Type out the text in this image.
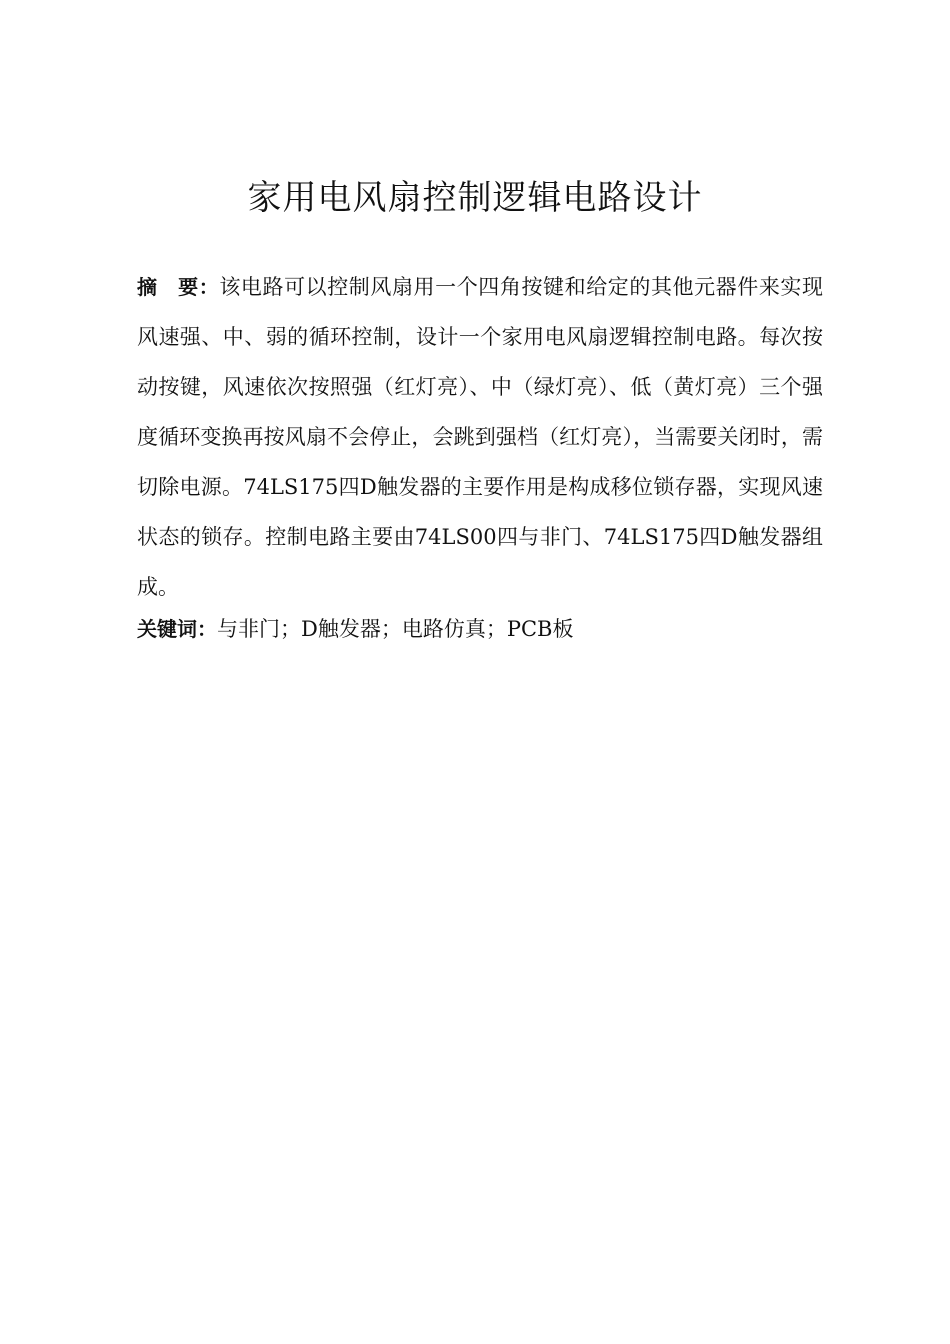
家用电风扇控制逻辑电路设计

摘　要：该电路可以控制风扇用一个四角按键和给定的其他元器件来实现风速强、中、弱的循环控制，设计一个家用电风扇逻辑控制电路。每次按动按键，风速依次按照强（红灯亮）、中（绿灯亮）、低（黄灯亮）三个强度循环变换再按风扇不会停止，会跳到强档（红灯亮），当需要关闭时，需切除电源。74LS175四D触发器的主要作用是构成移位锁存器，实现风速状态的锁存。控制电路主要由74LS00四与非门、74LS175四D触发器组成。

关键词：与非门；D触发器；电路仿真；PCB板
